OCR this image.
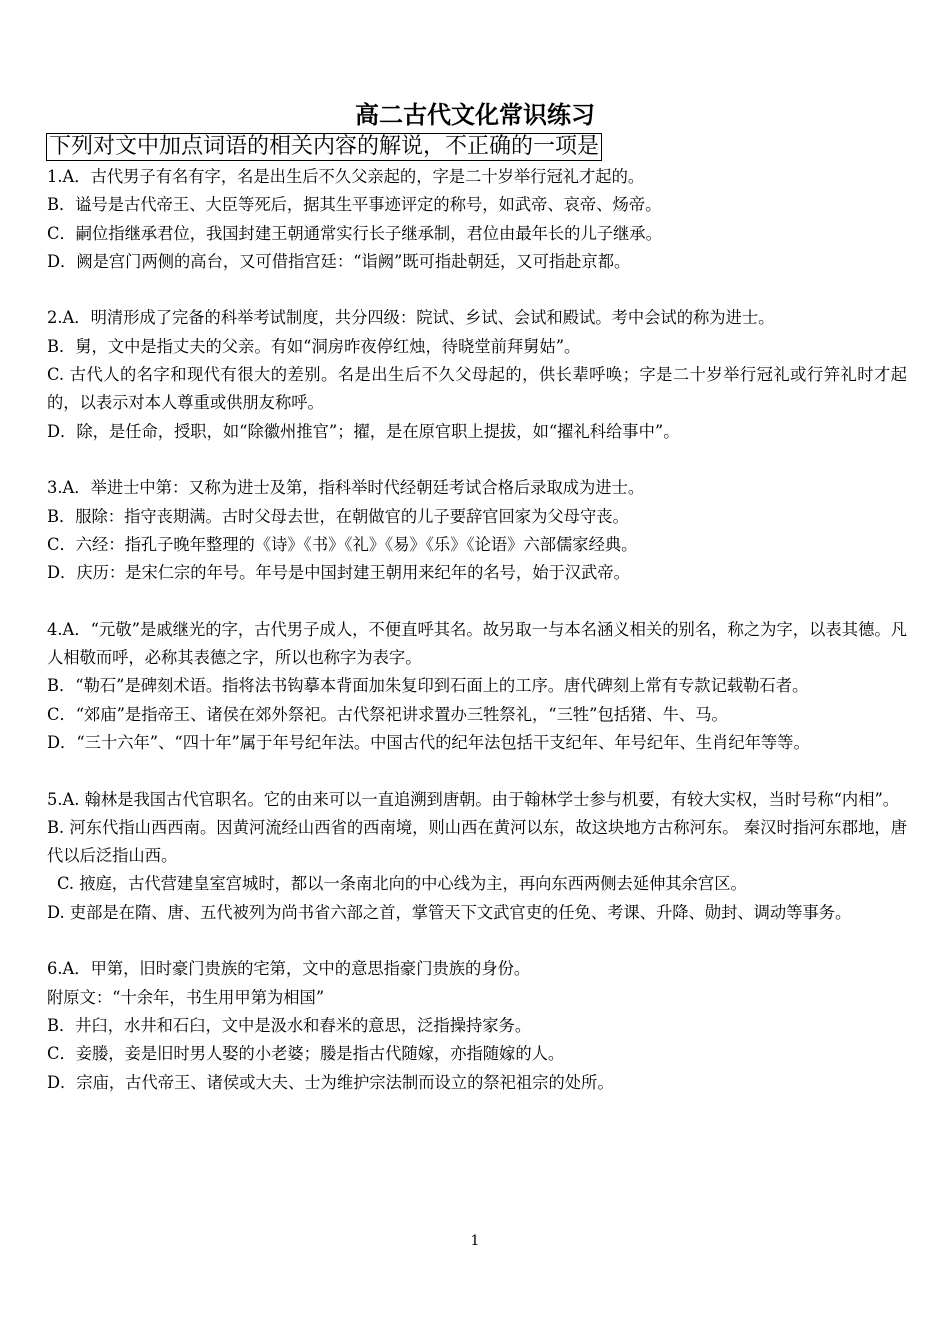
高二古代文化常识练习
下列对文中加点词语的相关内容的解说，不正确的一项是

1.A．古代男子有名有字，名是出生后不久父亲起的，字是二十岁举行冠礼才起的。

B．谥号是古代帝王、大臣等死后，据其生平事迹评定的称号，如武帝、哀帝、炀帝。

C．嗣位指继承君位，我国封建王朝通常实行长子继承制，君位由最年长的儿子继承。

D．阙是宫门两侧的高台，又可借指宫廷：“诣阙”既可指赴朝廷，又可指赴京都。

2.A．明清形成了完备的科举考试制度，共分四级：院试、乡试、会试和殿试。考中会试的称为进士。

B．舅，文中是指丈夫的父亲。有如“洞房昨夜停红烛，待晓堂前拜舅姑”。

C. 古代人的名字和现代有很大的差别。名是出生后不久父母起的，供长辈呼唤；字是二十岁举行冠礼或行笄礼时才起的，以表示对本人尊重或供朋友称呼。

D．除，是任命，授职，如“除徽州推官”；擢，是在原官职上提拔，如“擢礼科给事中”。

3.A．举进士中第：又称为进士及第，指科举时代经朝廷考试合格后录取成为进士。

B．服除：指守丧期满。古时父母去世，在朝做官的儿子要辞官回家为父母守丧。

C．六经：指孔子晚年整理的《诗》《书》《礼》《易》《乐》《论语》六部儒家经典。

D．庆历：是宋仁宗的年号。年号是中国封建王朝用来纪年的名号，始于汉武帝。

4.A．“元敬”是戚继光的字，古代男子成人，不便直呼其名。故另取一与本名涵义相关的别名，称之为字，以表其德。凡人相敬而呼，必称其表德之字，所以也称字为表字。

B．“勒石”是碑刻术语。指将法书钩摹本背面加朱复印到石面上的工序。唐代碑刻上常有专款记载勒石者。

C．“郊庙”是指帝王、诸侯在郊外祭祀。古代祭祀讲求置办三牲祭礼，“三牲”包括猪、牛、马。

D．“三十六年”、“四十年”属于年号纪年法。中国古代的纪年法包括干支纪年、年号纪年、生肖纪年等等。

5.A. 翰林是我国古代官职名。它的由来可以一直追溯到唐朝。由于翰林学士参与机要，有较大实权，当时号称“内相”。

B. 河东代指山西西南。因黄河流经山西省的西南境，则山西在黄河以东，故这块地方古称河东。 秦汉时指河东郡地，唐代以后泛指山西。

C. 掖庭，古代营建皇室宫城时，都以一条南北向的中心线为主，再向东西两侧去延伸其余宫区。

D. 吏部是在隋、唐、五代被列为尚书省六部之首，掌管天下文武官吏的任免、考课、升降、勋封、调动等事务。

6.A．甲第，旧时豪门贵族的宅第，文中的意思指豪门贵族的身份。

附原文：“十余年，书生用甲第为相国”

B．井臼，水井和石臼，文中是汲水和舂米的意思，泛指操持家务。

C．妾媵，妾是旧时男人娶的小老婆；媵是指古代随嫁，亦指随嫁的人。

D．宗庙，古代帝王、诸侯或大夫、士为维护宗法制而设立的祭祀祖宗的处所。

1
